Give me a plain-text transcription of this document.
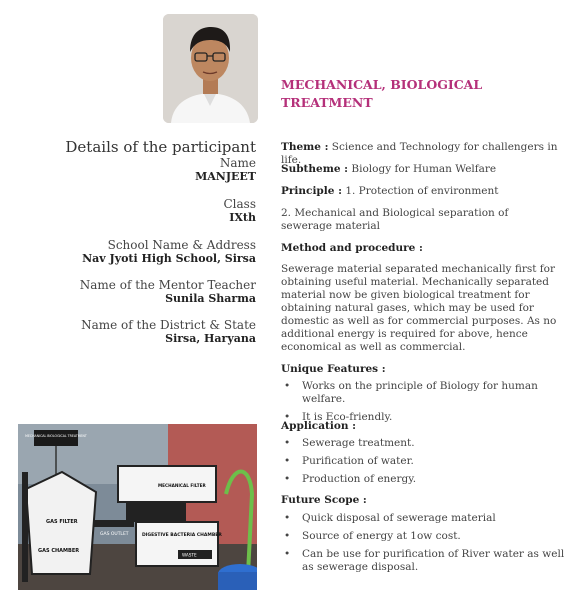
Details of the participant
Name
MANJEET
Class
IXth
School Name & Address
Nav Jyoti High School, Sirsa
Name of the Mentor Teacher
Sunila Sharma
Name of the District & State
Sirsa, Haryana
MECHANICAL, BIOLOGICAL TREATMENT
Theme : Science and Technology for challengers in life.
Subtheme : Biology for Human Welfare
Principle : 1. Protection of environment
2. Mechanical and Biological separation of sewerage material
Method and procedure :
Sewerage material separated mechanically first for obtaining useful material. Mechanically separated material now be given biological treatment for obtaining natural gases, which may be used for domestic as well as for commercial purposes. As no additional energy is required for above, hence economical as well as commercial.
Unique Features :
• Works on the principle of Biology for human welfare.
• It is Eco-friendly.
Application :
• Sewerage treatment.
• Purification of water.
• Production of energy.
Future Scope :
• Quick disposal of sewerage material
• Source of energy at 1ow cost.
• Can be use for purification of River water as well as sewerage disposal.
MECHANICAL BIOLOGICAL TREATMENT
GAS FILTER
GAS CHAMBER
GAS OUTLET
MECHANICAL FILTER
DIGESTIVE BACTERIA CHAMBER
WASTE
